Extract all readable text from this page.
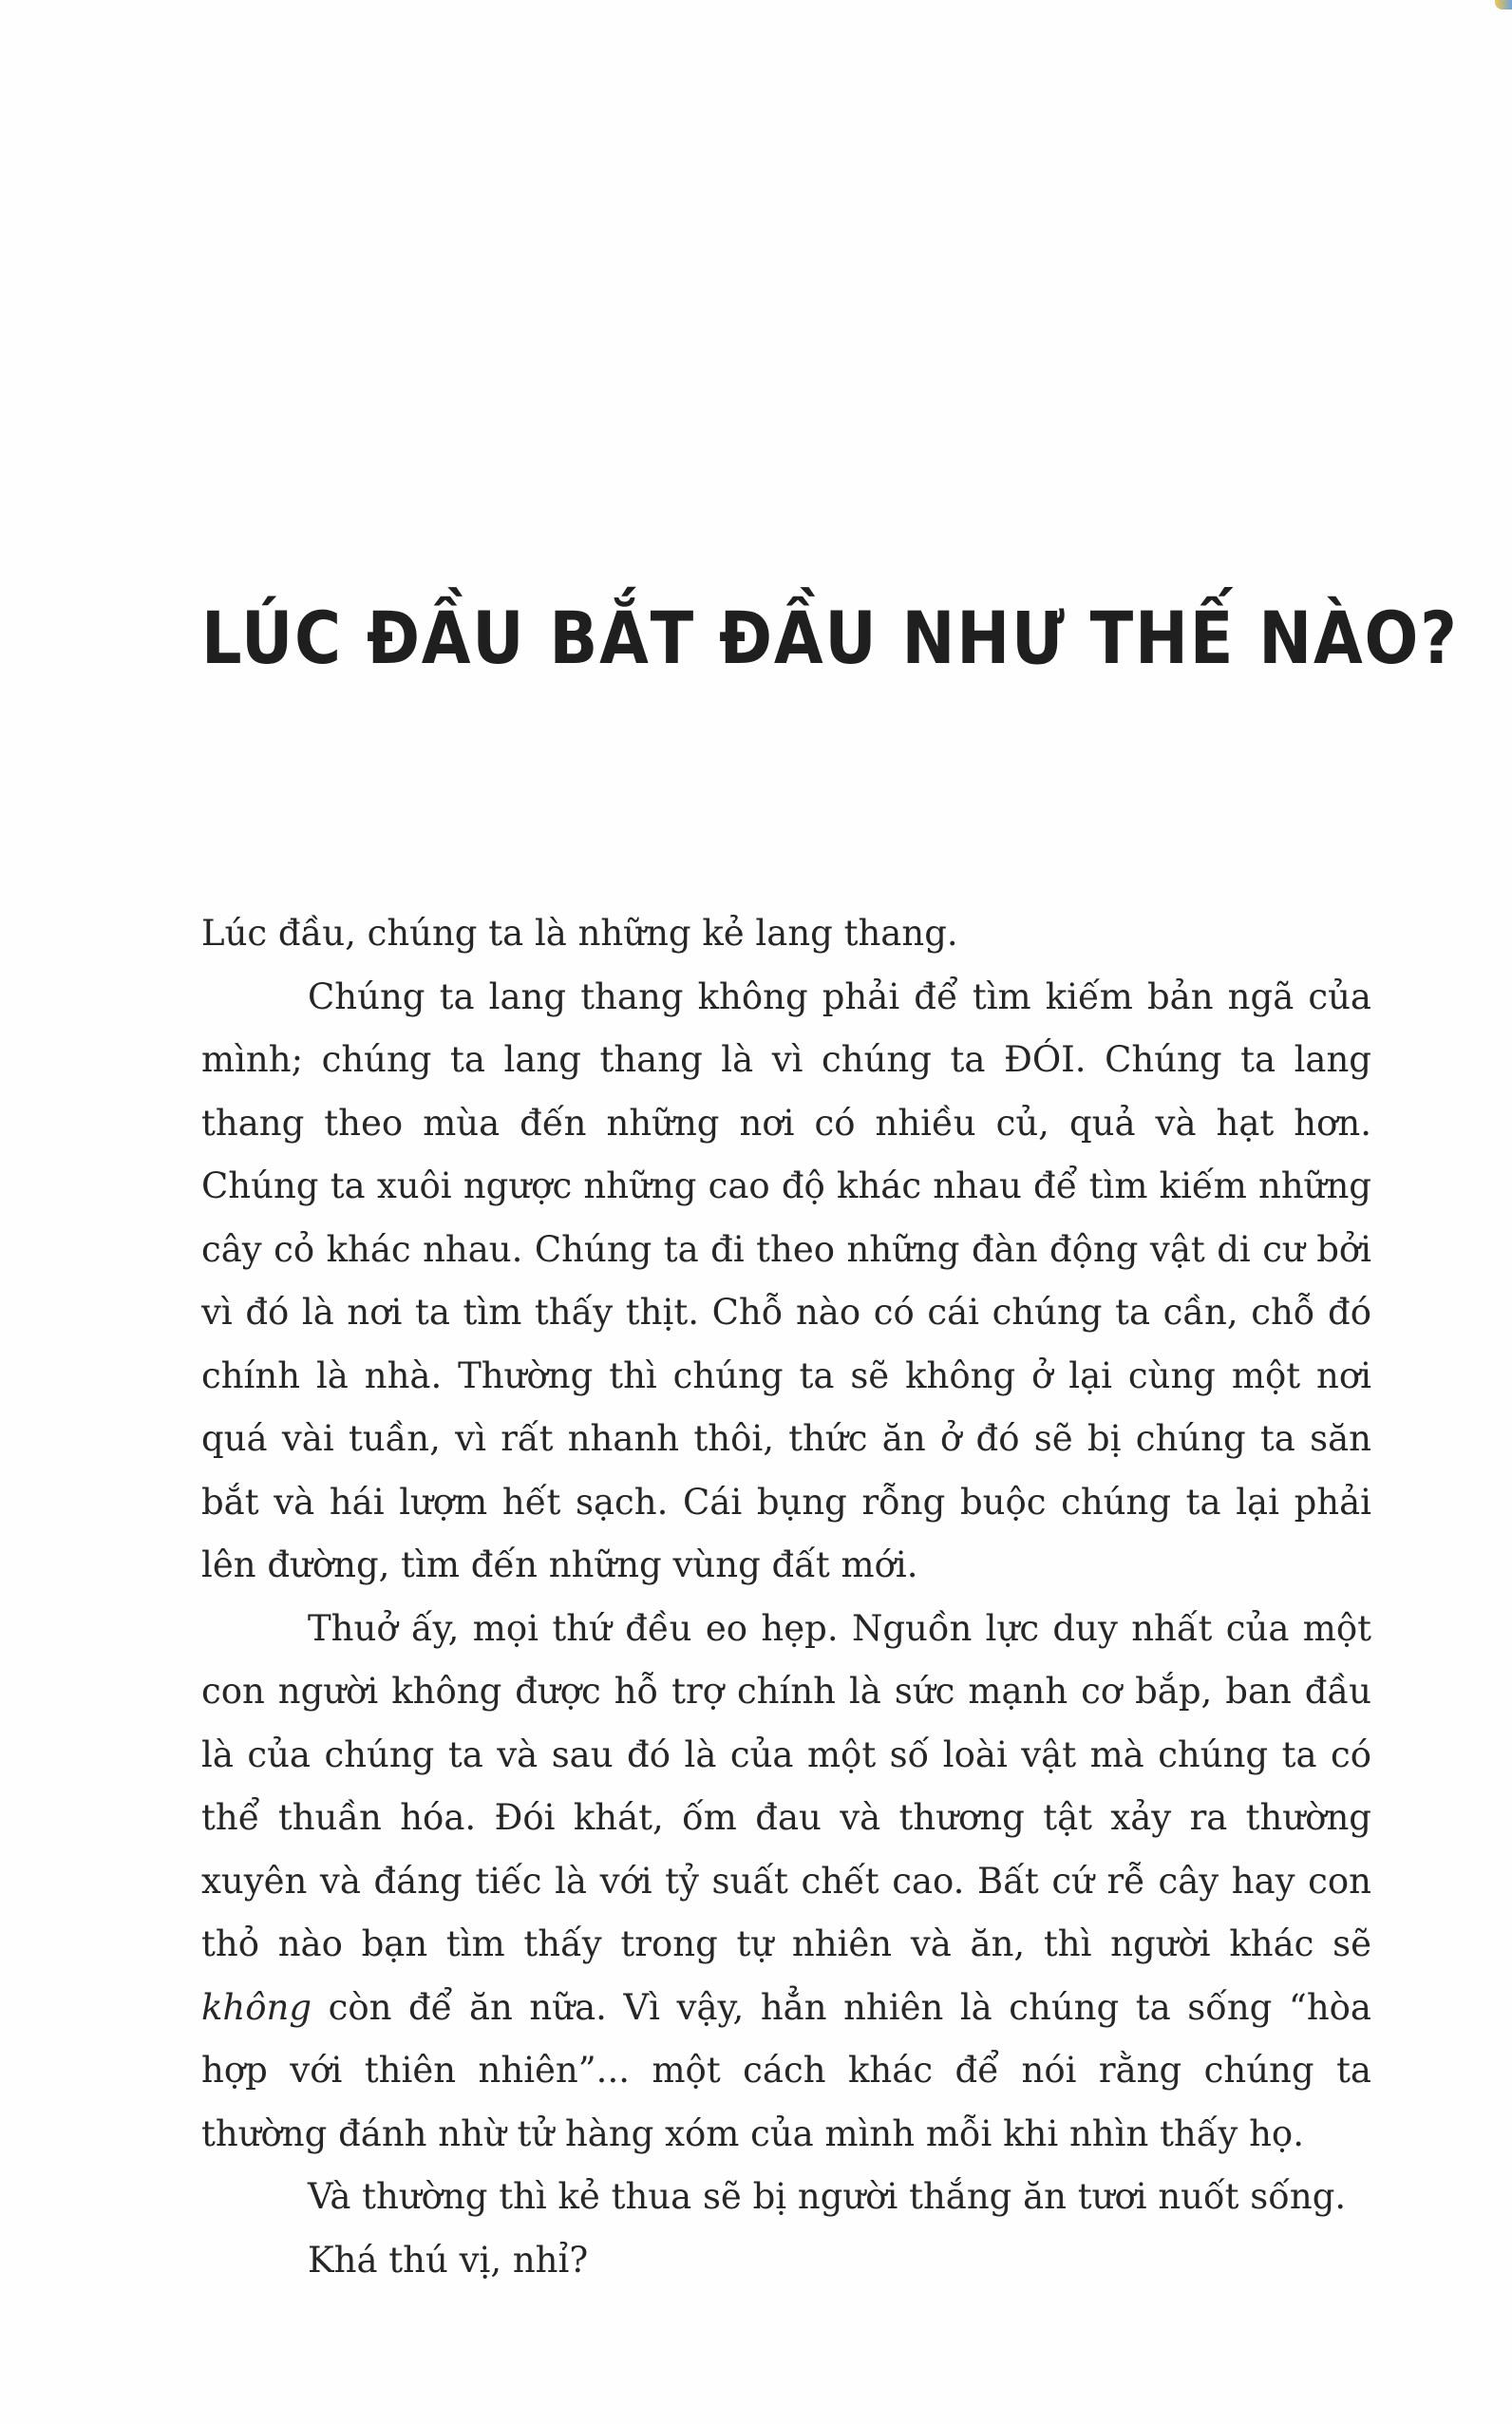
LÚC ĐẦU BẮT ĐẦU NHƯ THẾ NÀO?

Lúc đầu, chúng ta là những kẻ lang thang.

Chúng ta lang thang không phải để tìm kiếm bản ngã của mình; chúng ta lang thang là vì chúng ta ĐÓI. Chúng ta lang thang theo mùa đến những nơi có nhiều củ, quả và hạt hơn. Chúng ta xuôi ngược những cao độ khác nhau để tìm kiếm những cây cỏ khác nhau. Chúng ta đi theo những đàn động vật di cư bởi vì đó là nơi ta tìm thấy thịt. Chỗ nào có cái chúng ta cần, chỗ đó chính là nhà. Thường thì chúng ta sẽ không ở lại cùng một nơi quá vài tuần, vì rất nhanh thôi, thức ăn ở đó sẽ bị chúng ta săn bắt và hái lượm hết sạch. Cái bụng rỗng buộc chúng ta lại phải lên đường, tìm đến những vùng đất mới.

Thuở ấy, mọi thứ đều eo hẹp. Nguồn lực duy nhất của một con người không được hỗ trợ chính là sức mạnh cơ bắp, ban đầu là của chúng ta và sau đó là của một số loài vật mà chúng ta có thể thuần hóa. Đói khát, ốm đau và thương tật xảy ra thường xuyên và đáng tiếc là với tỷ suất chết cao. Bất cứ rễ cây hay con thỏ nào bạn tìm thấy trong tự nhiên và ăn, thì người khác sẽ không còn để ăn nữa. Vì vậy, hẳn nhiên là chúng ta sống “hòa hợp với thiên nhiên”... một cách khác để nói rằng chúng ta thường đánh nhừ tử hàng xóm của mình mỗi khi nhìn thấy họ.

Và thường thì kẻ thua sẽ bị người thắng ăn tươi nuốt sống.

Khá thú vị, nhỉ?
